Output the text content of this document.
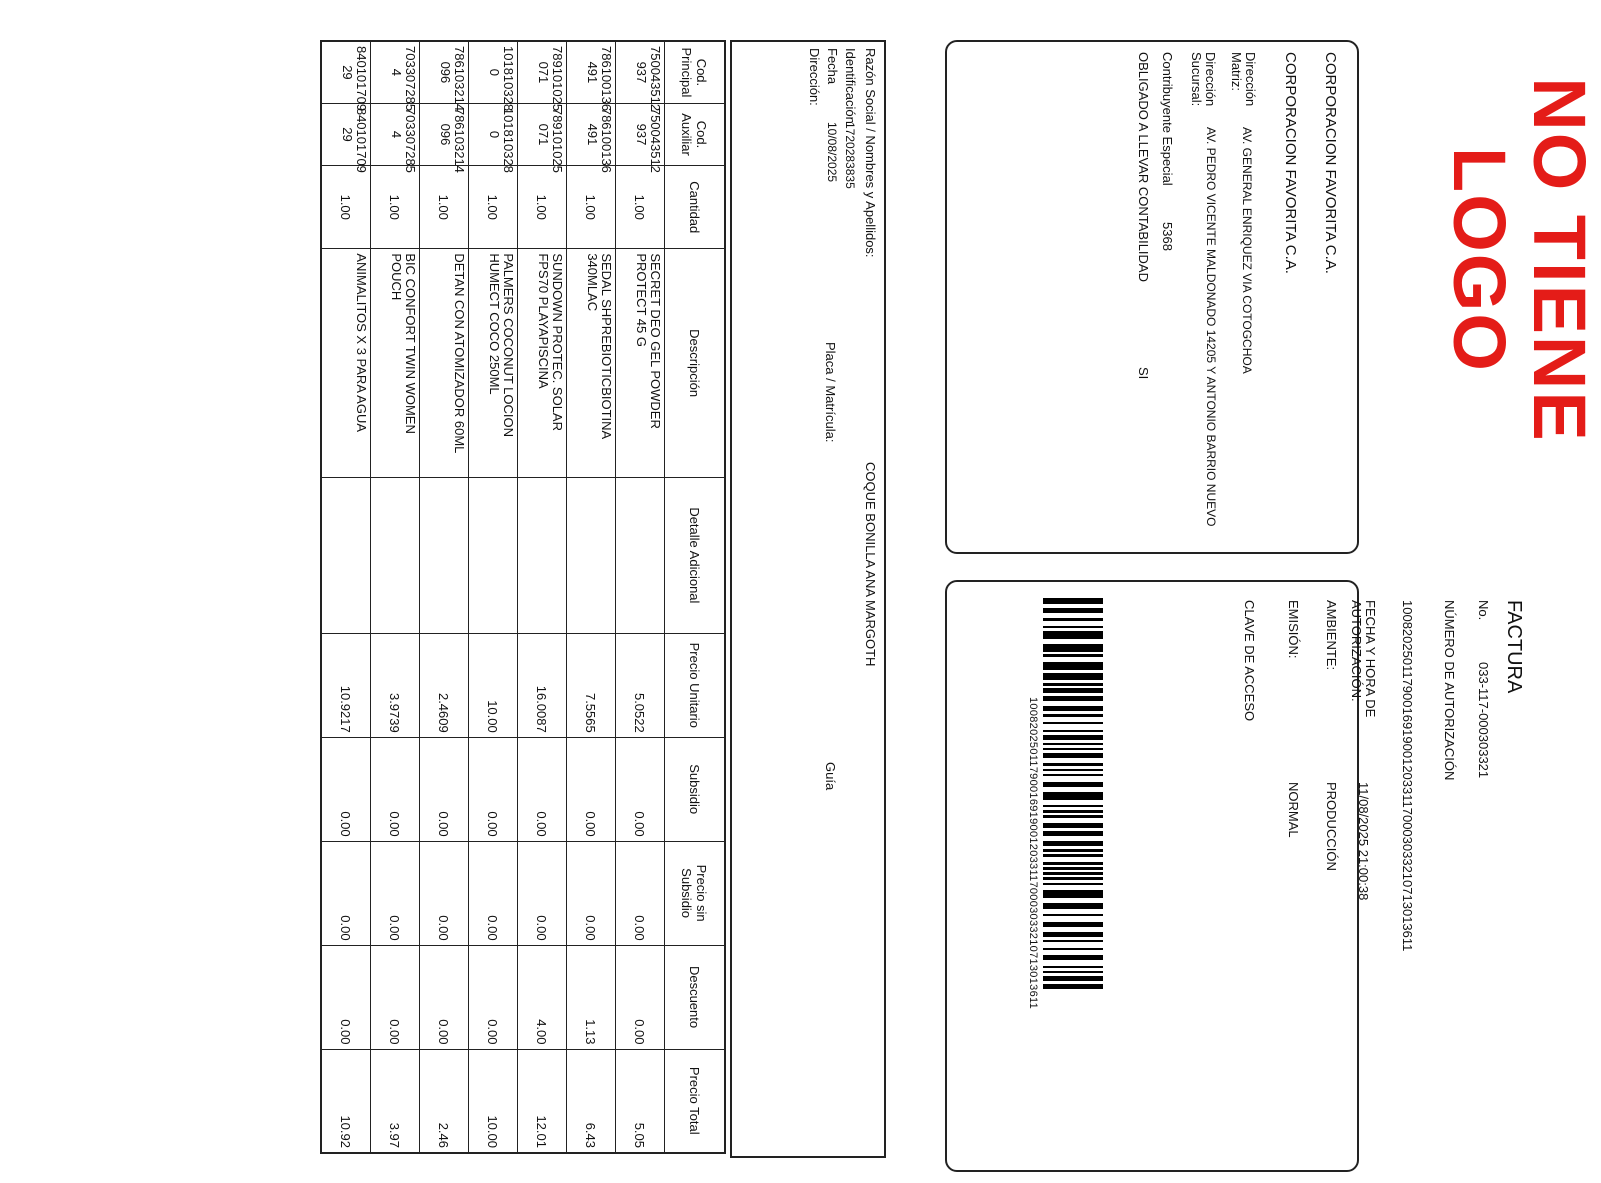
NO TIENE LOGO
CORPORACION FAVORITA C.A.
CORPORACION FAVORITA C.A.
Dirección Matriz:
AV. GENERAL ENRIQUEZ VIA COTOGCHOA
Dirección Sucursal:
AV. PEDRO VICENTE MALDONADO 14205 Y ANTONIO BARRIO NUEVO
Contribuyente Especial
5368
OBLIGADO A LLEVAR CONTABILIDAD
SI
FACTURA
No.
033-117-000303321
NÚMERO DE AUTORIZACIÓN
1008202501179001691900120331170003033210713013611
FECHA Y HORA DE AUTORIZACIÓN:
11/08/2025 21:00:38
AMBIENTE:
PRODUCCIÓN
EMISIÓN:
NORMAL
CLAVE DE ACCESO
1008202501179001691900120331170003033210713013611
Razón Social / Nombres y Apellidos:
COQUE BONILLA ANA MARGOTH
Identificación
1720283835
Fecha
10/08/2025
Placa / Matrícula:
Guía
Dirección:
Cod. Principal	Cod. Auxiliar	Cantidad	Descripción	Detalle Adicional	Precio Unitario	Subsidio	Precio sin Subsidio	Descuento	Precio Total
750043512 937	750043512 937	1.00	SECRET DEO GEL POWDER PROTECT 45 G		5.0522	0.00	0.00	0.00	5.05
786100136 491	786100136 491	1.00	SEDAL SHPREBIOTICBIOTINA 340MLAC		7.5565	0.00	0.00	1.13	6.43
789101025 071	789101025 071	1.00	SUNDOWN PROTEC. SOLAR FPS70 PLAYAPISCINA		16.0087	0.00	0.00	4.00	12.01
101810328 0	101810328 0	1.00	PALMERS COCONUT LOCION HUMECT COCO 250ML		10.00	0.00	0.00	0.00	10.00
786103214 096	786103214 096	1.00	DETAN CON ATOMIZADOR 60ML		2.4609	0.00	0.00	0.00	2.46
703307285 4	703307285 4	1.00	BIC CONFORT TWIN WOMEN POUCH		3.9739	0.00	0.00	0.00	3.97
840101709 29	840101709 29	1.00	ANIMALITOS X 3 PARA AGUA		10.9217	0.00	0.00	0.00	10.92
